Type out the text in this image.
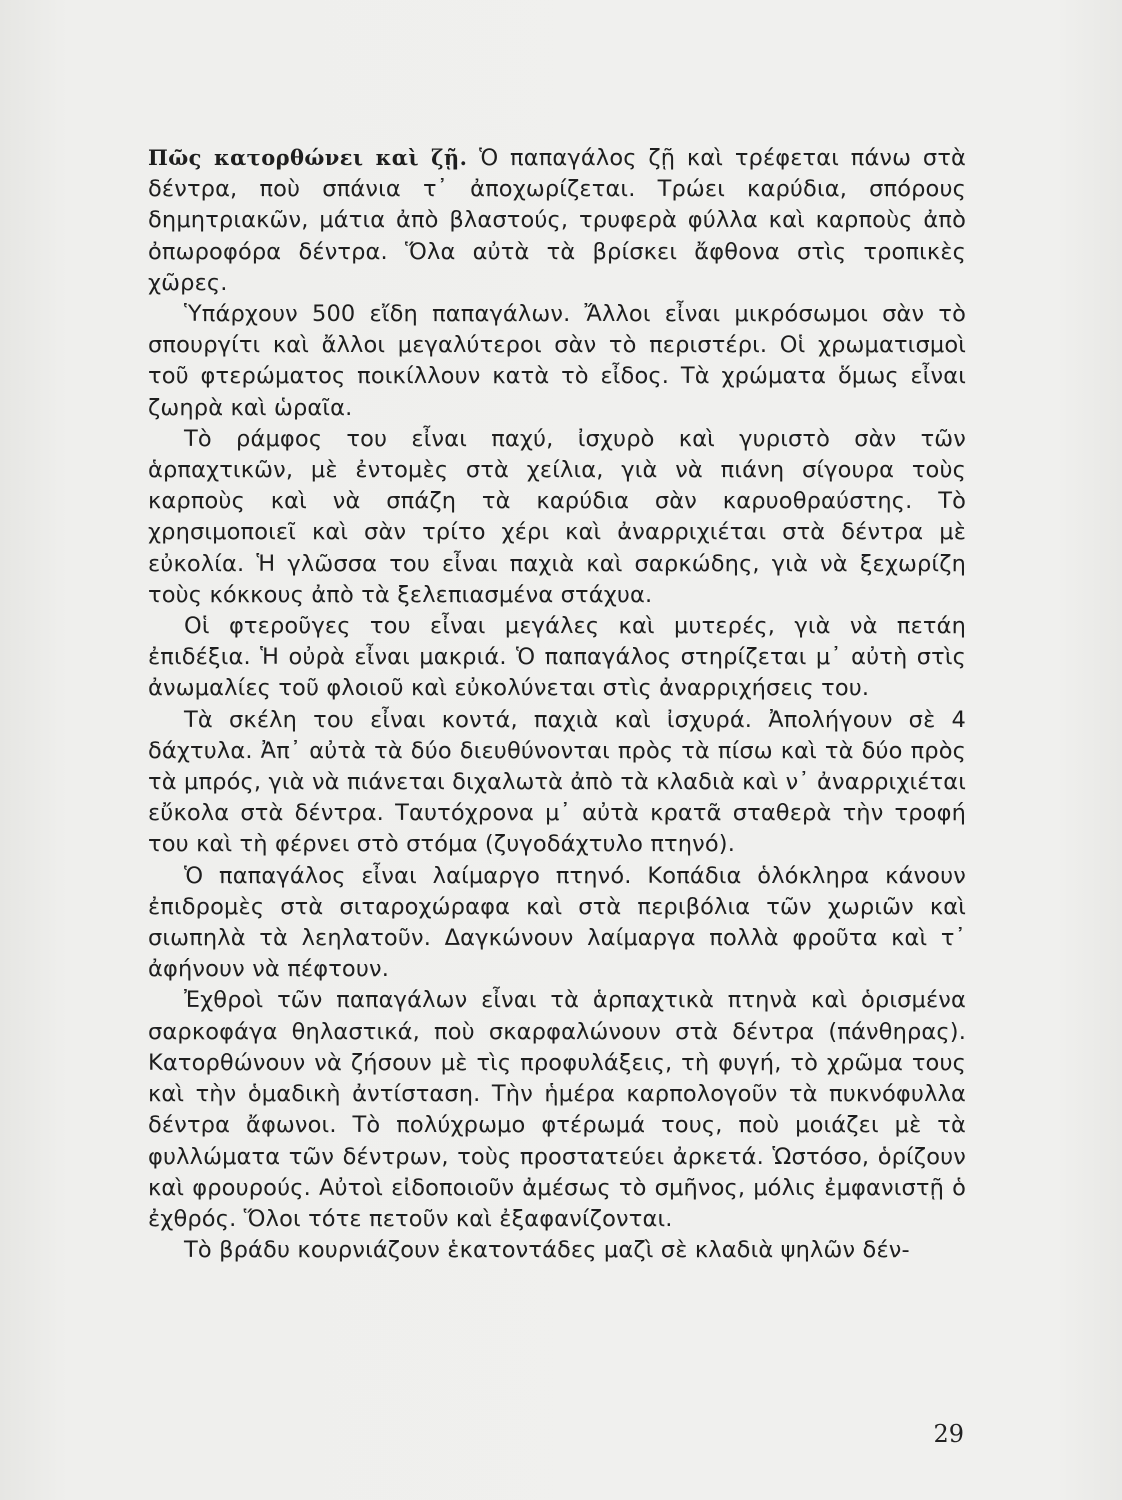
Πῶς κατορθώνει καὶ ζῇ. Ὁ παπαγάλος ζῇ καὶ τρέφεται πάνω στὰ δέντρα, ποὺ σπάνια τ᾽ ἀποχωρίζεται. Τρώει καρύδια, σπόρους δημητριακῶν, μάτια ἀπὸ βλαστούς, τρυφερὰ φύλλα καὶ καρποὺς ἀπὸ ὀπωροφόρα δέντρα. Ὅλα αὐτὰ τὰ βρίσκει ἄφθονα στὶς τροπικὲς χῶρες.

Ὑπάρχουν 500 εἴδη παπαγάλων. Ἄλλοι εἶναι μικρόσωμοι σὰν τὸ σπουργίτι καὶ ἄλλοι μεγαλύτεροι σὰν τὸ περιστέρι. Οἱ χρωματισμοὶ τοῦ φτερώματος ποικίλλουν κατὰ τὸ εἶδος. Τὰ χρώματα ὅμως εἶναι ζωηρὰ καὶ ὡραῖα.

Τὸ ράμφος του εἶναι παχύ, ἰσχυρὸ καὶ γυριστὸ σὰν τῶν ἁρπαχτικῶν, μὲ ἐντομὲς στὰ χείλια, γιὰ νὰ πιάνη σίγουρα τοὺς καρποὺς καὶ νὰ σπάζη τὰ καρύδια σὰν καρυοθραύστης. Τὸ χρησιμοποιεῖ καὶ σὰν τρίτο χέρι καὶ ἀναρριχιέται στὰ δέντρα μὲ εὐκολία. Ἡ γλῶσσα του εἶναι παχιὰ καὶ σαρκώδης, γιὰ νὰ ξεχωρίζη τοὺς κόκκους ἀπὸ τὰ ξελεπιασμένα στάχυα.

Οἱ φτεροῦγες του εἶναι μεγάλες καὶ μυτερές, γιὰ νὰ πετάη ἐπιδέξια. Ἡ οὐρὰ εἶναι μακριά. Ὁ παπαγάλος στηρίζεται μ᾽ αὐτὴ στὶς ἀνωμαλίες τοῦ φλοιοῦ καὶ εὐκολύνεται στὶς ἀναρριχήσεις του.

Τὰ σκέλη του εἶναι κοντά, παχιὰ καὶ ἰσχυρά. Ἀπολήγουν σὲ 4 δάχτυλα. Ἀπ᾽ αὐτὰ τὰ δύο διευθύνονται πρὸς τὰ πίσω καὶ τὰ δύο πρὸς τὰ μπρός, γιὰ νὰ πιάνεται διχαλωτὰ ἀπὸ τὰ κλαδιὰ καὶ ν᾽ ἀναρριχιέται εὔκολα στὰ δέντρα. Ταυτόχρονα μ᾽ αὐτὰ κρατᾶ σταθερὰ τὴν τροφή του καὶ τὴ φέρνει στὸ στόμα (ζυγοδάχτυλο πτηνό).

Ὁ παπαγάλος εἶναι λαίμαργο πτηνό. Κοπάδια ὁλόκληρα κάνουν ἐπιδρομὲς στὰ σιταροχώραφα καὶ στὰ περιβόλια τῶν χωριῶν καὶ σιωπηλὰ τὰ λεηλατοῦν. Δαγκώνουν λαίμαργα πολλὰ φροῦτα καὶ τ᾽ ἀφήνουν νὰ πέφτουν.

Ἐχθροὶ τῶν παπαγάλων εἶναι τὰ ἁρπαχτικὰ πτηνὰ καὶ ὁρισμένα σαρκοφάγα θηλαστικά, ποὺ σκαρφαλώνουν στὰ δέντρα (πάνθηρας). Κατορθώνουν νὰ ζήσουν μὲ τὶς προφυλάξεις, τὴ φυγή, τὸ χρῶμα τους καὶ τὴν ὁμαδικὴ ἀντίσταση. Τὴν ἡμέρα καρπολογοῦν τὰ πυκνόφυλλα δέντρα ἄφωνοι. Τὸ πολύχρωμο φτέρωμά τους, ποὺ μοιάζει μὲ τὰ φυλλώματα τῶν δέντρων, τοὺς προστατεύει ἀρκετά. Ὡστόσο, ὁρίζουν καὶ φρουρούς. Αὐτοὶ εἰδοποιοῦν ἀμέσως τὸ σμῆνος, μόλις ἐμφανιστῇ ὁ ἐχθρός. Ὅλοι τότε πετοῦν καὶ ἐξαφανίζονται.

Τὸ βράδυ κουρνιάζουν ἑκατοντάδες μαζὶ σὲ κλαδιὰ ψηλῶν δέν-

29
